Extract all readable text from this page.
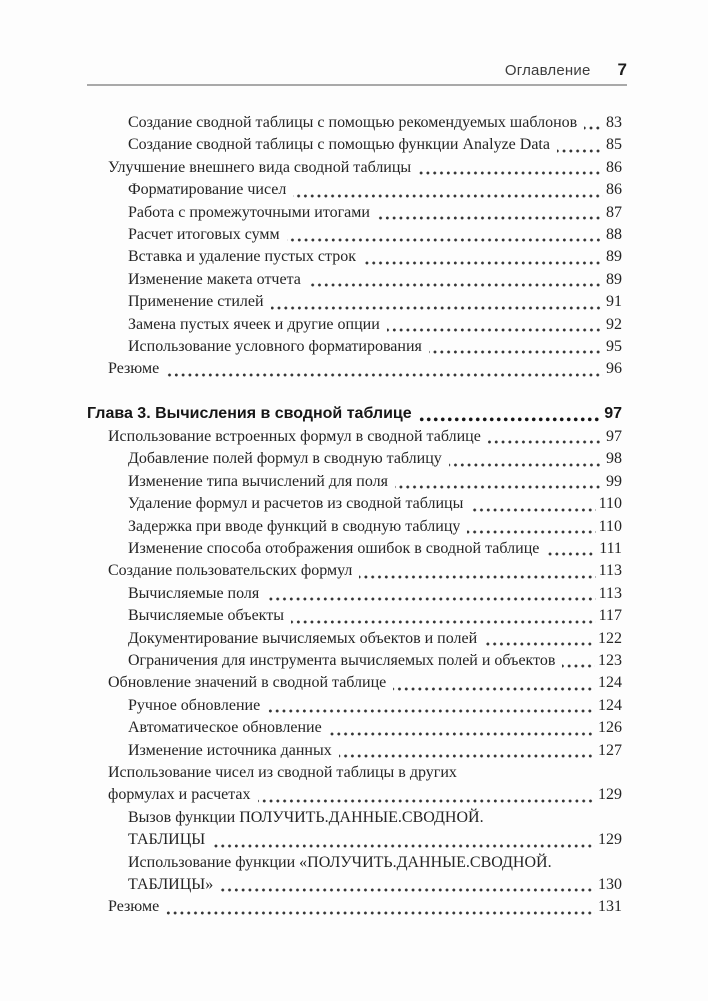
Оглавление 7
Создание сводной таблицы с помощью рекомендуемых шаблонов 83
Создание сводной таблицы с помощью функции Analyze Data	85
Улучшение внешнего вида сводной таблицы	86
Форматирование чисел	86
Работа с промежуточными итогами	87
Расчет итоговых сумм	88
Вставка и удаление пустых строк	89
Изменение макета отчета	89
Применение стилей	91
Замена пустых ячеек и другие опции	92
Использование условного форматирования	95
Резюме	96
Глава 3. Вычисления в сводной таблице	97
Использование встроенных формул в сводной таблице	97
Добавление полей формул в сводную таблицу	98
Изменение типа вычислений для поля	99
Удаление формул и расчетов из сводной таблицы	110
Задержка при вводе функций в сводную таблицу	110
Изменение способа отображения ошибок в сводной таблице	111
Создание пользовательских формул	113
Вычисляемые поля	113
Вычисляемые объекты	117
Документирование вычисляемых объектов и полей	122
Ограничения для инструмента вычисляемых полей и объектов	123
Обновление значений в сводной таблице	124
Ручное обновление	124
Автоматическое обновление	126
Изменение источника данных	127
Использование чисел из сводной таблицы в других
формулах и расчетах	129
Вызов функции ПОЛУЧИТЬ.ДАННЫЕ.СВОДНОЙ.
ТАБЛИЦЫ	129
Использование функции «ПОЛУЧИТЬ.ДАННЫЕ.СВОДНОЙ.
ТАБЛИЦЫ»	130
Резюме	131
